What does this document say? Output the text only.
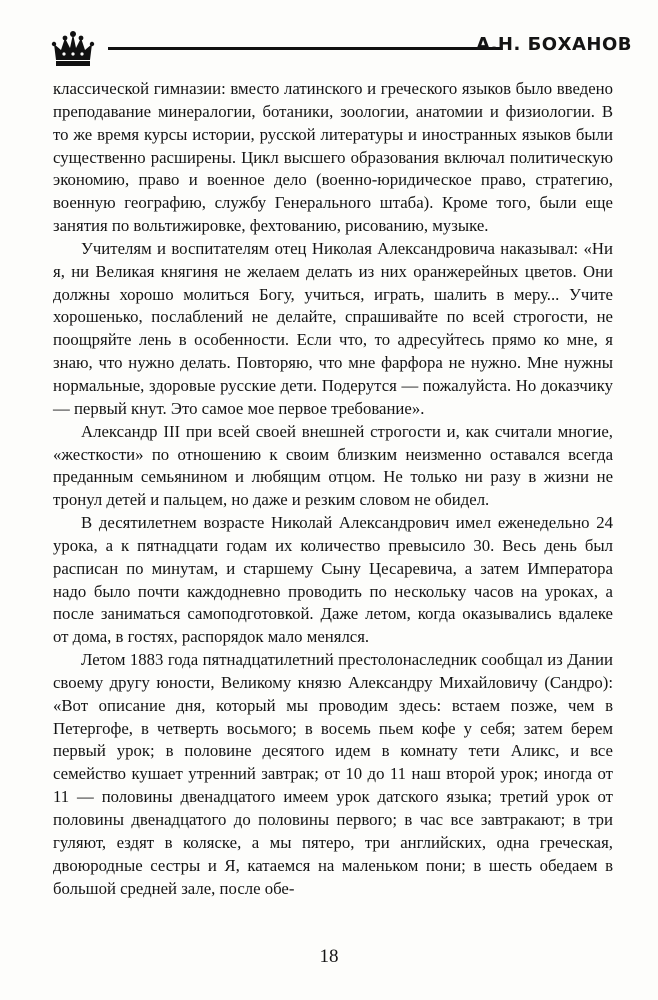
А.Н. БОХАНОВ

классической гимназии: вместо латинского и греческого языков было введено преподавание минералогии, ботаники, зоологии, анатомии и физиологии. В то же время курсы истории, русской литературы и иностранных языков были существенно расширены. Цикл высшего образования включал политическую экономию, право и военное дело (военно-юридическое право, стратегию, военную географию, службу Генерального штаба). Кроме того, были еще занятия по вольтижировке, фехтованию, рисованию, музыке.

Учителям и воспитателям отец Николая Александровича наказывал: «Ни я, ни Великая княгиня не желаем делать из них оранжерейных цветов. Они должны хорошо молиться Богу, учиться, играть, шалить в меру... Учите хорошенько, послаблений не делайте, спрашивайте по всей строгости, не поощряйте лень в особенности. Если что, то адресуйтесь прямо ко мне, я знаю, что нужно делать. Повторяю, что мне фарфора не нужно. Мне нужны нормальные, здоровые русские дети. Подерутся — пожалуйста. Но доказчику — первый кнут. Это самое мое первое требование».

Александр III при всей своей внешней строгости и, как считали многие, «жесткости» по отношению к своим близким неизменно оставался всегда преданным семьянином и любящим отцом. Не только ни разу в жизни не тронул детей и пальцем, но даже и резким словом не обидел.

В десятилетнем возрасте Николай Александрович имел еженедельно 24 урока, а к пятнадцати годам их количество превысило 30. Весь день был расписан по минутам, и старшему Сыну Цесаревича, а затем Императора надо было почти каждодневно проводить по нескольку часов на уроках, а после заниматься самоподготовкой. Даже летом, когда оказывались вдалеке от дома, в гостях, распорядок мало менялся.

Летом 1883 года пятнадцатилетний престолонаследник сообщал из Дании своему другу юности, Великому князю Александру Михайловичу (Сандро): «Вот описание дня, который мы проводим здесь: встаем позже, чем в Петергофе, в четверть восьмого; в восемь пьем кофе у себя; затем берем первый урок; в половине десятого идем в комнату тети Аликс, и все семейство кушает утренний завтрак; от 10 до 11 наш второй урок; иногда от 11 — половины двенадцатого имеем урок датского языка; третий урок от половины двенадцатого до половины первого; в час все завтракают; в три гуляют, ездят в коляске, а мы пятеро, три английских, одна греческая, двоюродные сестры и Я, катаемся на маленьком пони; в шесть обедаем в большой средней зале, после обе-

18
